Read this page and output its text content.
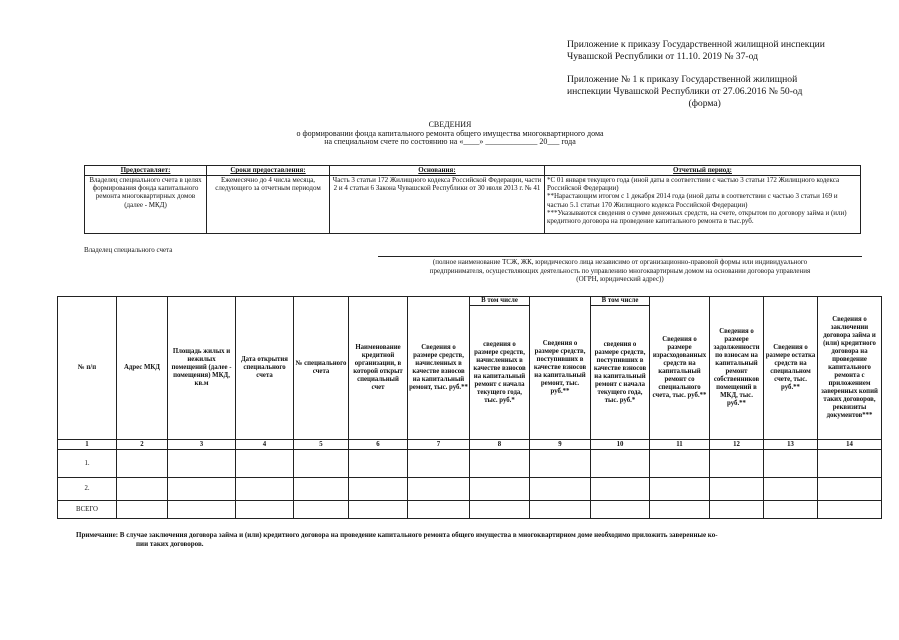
Приложение к приказу Государственной жилищной инспекции
Чувашской Республики от 11.10. 2019 № 37-од
Приложение № 1 к приказу Государственной жилищной
инспекции Чувашской Республики от 27.06.2016 № 50-од
(форма)
СВЕДЕНИЯ
о формировании фонда капитального ремонта общего имущества многоквартирного дома
на специальном счете по состоянию на «____» _____________ 20___ года
Предоставляет:	Сроки предоставления:	Основания:	Отчетный период:
Владелец специального счета в целях формирования фонда капитального ремонта многоквартирных домов (далее - МКД)	Ежемесячно до 4 числа месяца, следующего за отчетным периодом	Часть 3 статьи 172 Жилищного кодекса Российской Федерации, части 2 и 4 статьи 6 Закона Чувашской Республики от 30 июля 2013 г. № 41	*С 01 января текущего года (иной даты в соответствии с частью 3 статьи 172 Жилищного кодекса Российской Федерации)
**Нарастающим итогом с 1 декабря 2014 года (иной даты в соответствии с частью 3 статьи 169 и частью 5.1 статьи 170 Жилищного кодекса Российской Федерации)
***Указываются сведения о сумме денежных средств, на счете, открытом по договору займа и (или) кредитного договора на проведение капитального ремонта в тыс.руб.
Владелец специального счета
(полное наименование ТСЖ, ЖК, юридического лица независимо от организационно-правовой формы или индивидуального
предпринимателя, осуществляющих деятельность по управлению многоквартирным домом на основании договора управления
(ОГРН, юридический адрес))
№ п/п	Адрес МКД	Площадь жилых и нежилых помещений (далее - помещения) МКД, кв.м	Дата открытия специального счета	№ специального счета	Наименование кредитной организации, в которой открыт специальный счет	Сведения о размере средств, начисленных в качестве взносов на капитальный ремонт, тыс. руб.**	В том числе	Сведения о размере средств, поступивших в качестве взносов на капитальный ремонт, тыс. руб.**	В том числе	Сведения о размере израсходованных средств на капитальный ремонт со специального счета, тыс. руб.**	Сведения о размере задолженности по взносам на капитальный ремонт собственников помещений в МКД, тыс. руб.**	Сведения о размере остатка средств на специальном счете, тыс. руб.**	Сведения о заключении договора займа и (или) кредитного договора на проведение капитального ремонта с приложением заверенных копий таких договоров, реквизиты документов***
							сведения о размере средств, начисленных в качестве взносов на капитальный ремонт с начала текущего года, тыс. руб.*		сведения о размере средств, поступивших в качестве взносов на капитальный ремонт с начала текущего года, тыс. руб.*				
1	2	3	4	5	6	7	8	9	10	11	12	13	14
1.													
2.													
ВСЕГО													
Примечание: В случае заключения договора займа и (или) кредитного договора на проведение капитального ремонта общего имущества в многоквартирном доме необходимо приложить заверенные ко-
пии таких договоров.
